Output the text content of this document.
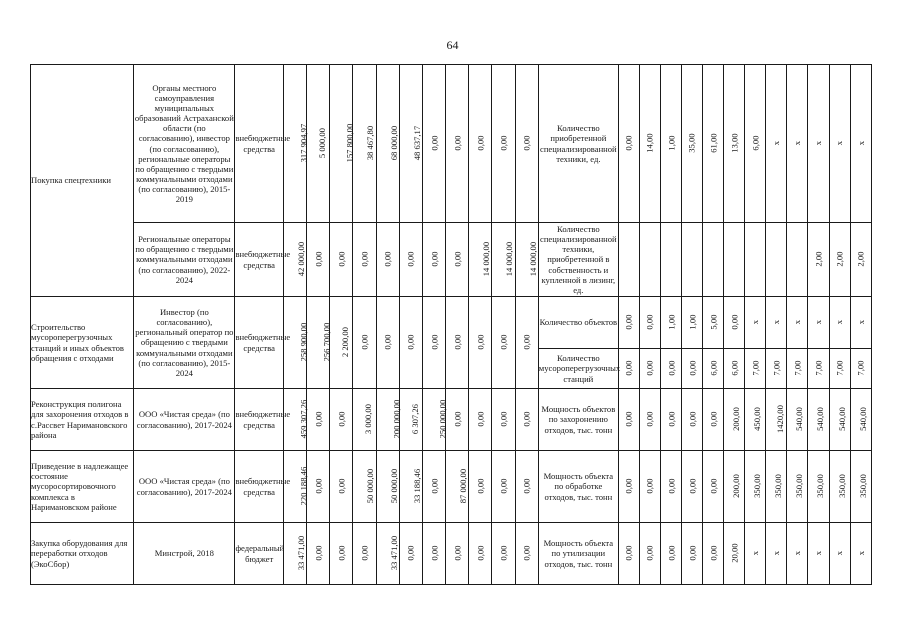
64
Покупка спецтехники	Органы местного самоуправления муниципальных образований Астраханской области (по согласованию), инвестор (по согласованию), региональные операторы по обращению с твердыми коммунальными отходами (по согласованию), 2015-2019	внебюджетные средства	317 904,97	5 000,00	157 800,00	38 467,80	68 000,00	48 637,17	0,00	0,00	0,00	0,00	0,00	Количество приобретенной специализированной техники, ед.	0,00	14,00	1,00	35,00	61,00	13,00	6,00	x	x	x	x	x
	Региональные операторы по обращению с твердыми коммунальными отходами (по согласованию), 2022-2024	внебюджетные средства	42 000,00	0,00	0,00	0,00	0,00	0,00	0,00	0,00	14 000,00	14 000,00	14 000,00	Количество специализированной техники, приобретенной в собственность и купленной в лизинг, ед.										2,00	2,00	2,00
Строительство мусороперегрузочных станций и иных объектов обращения с отходами	Инвестор (по согласованию), региональный оператор по обращению с твердыми коммунальными отходами (по согласованию), 2015-2024	внебюджетные средства	258 900,00	256 700,00	2 200,00	0,00	0,00	0,00	0,00	0,00	0,00	0,00	0,00	Количество объектов	0,00	0,00	1,00	1,00	5,00	0,00	x	x	x	x	x	x
														Количество мусороперегрузочных станций	0,00	0,00	0,00	0,00	6,00	6,00	7,00	7,00	7,00	7,00	7,00	7,00
Реконструкция полигона для захоронения отходов в с.Рассвет Наримановского района	ООО «Чистая среда» (по согласованию), 2017-2024	внебюджетные средства	459 307,26	0,00	0,00	3 000,00	200 000,00	6 307,26	250 000,00	0,00	0,00	0,00	0,00	Мощность объектов по захоронению отходов, тыс. тонн	0,00	0,00	0,00	0,00	0,00	200,00	450,00	1420,00	540,00	540,00	540,00	540,00
Приведение в надлежащее состояние мусоросортировочного комплекса в Наримановском районе	ООО «Чистая среда» (по согласованию), 2017-2024	внебюджетные средства	220 188,46	0,00	0,00	50 000,00	50 000,00	33 188,46	0,00	87 000,00	0,00	0,00	0,00	Мощность объекта по обработке отходов, тыс. тонн	0,00	0,00	0,00	0,00	0,00	200,00	350,00	350,00	350,00	350,00	350,00	350,00
Закупка оборудования для переработки отходов (ЭкоСбор)	Минстрой, 2018	федеральный бюджет	33 471,00	0,00	0,00	0,00	33 471,00	0,00	0,00	0,00	0,00	0,00	0,00	Мощность объекта по утилизации отходов, тыс. тонн	0,00	0,00	0,00	0,00	0,00	20,00	x	x	x	x	x	x
